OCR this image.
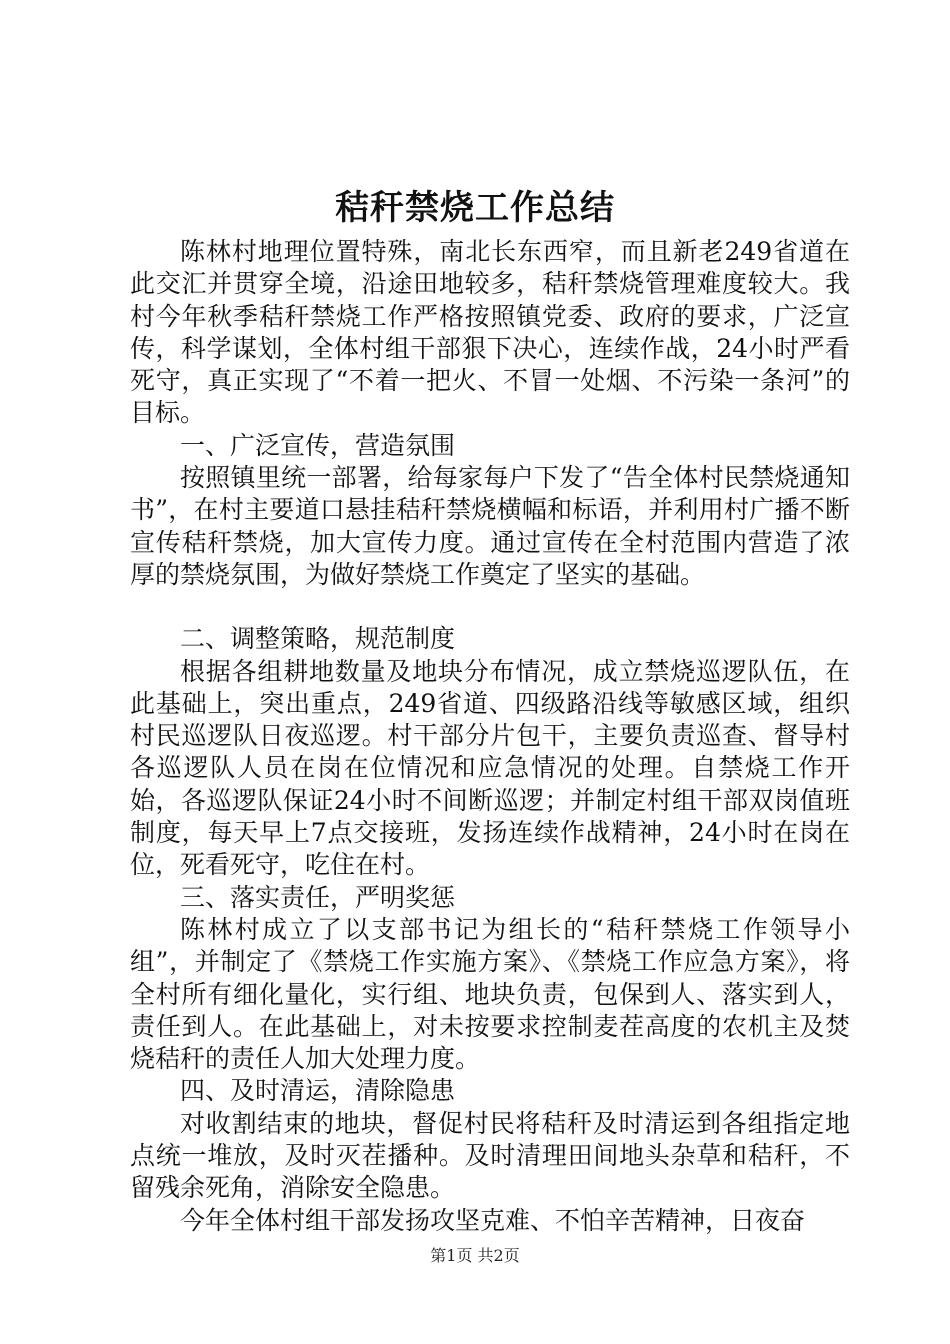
秸秆禁烧工作总结

陈林村地理位置特殊，南北长东西窄，而且新老249省道在此交汇并贯穿全境，沿途田地较多，秸秆禁烧管理难度较大。我村今年秋季秸秆禁烧工作严格按照镇党委、政府的要求，广泛宣传，科学谋划，全体村组干部狠下决心，连续作战，24小时严看死守，真正实现了“不着一把火、不冒一处烟、不污染一条河”的目标。

一、广泛宣传，营造氛围

按照镇里统一部署，给每家每户下发了“告全体村民禁烧通知书”，在村主要道口悬挂秸秆禁烧横幅和标语，并利用村广播不断宣传秸秆禁烧，加大宣传力度。通过宣传在全村范围内营造了浓厚的禁烧氛围，为做好禁烧工作奠定了坚实的基础。

二、调整策略，规范制度

根据各组耕地数量及地块分布情况，成立禁烧巡逻队伍，在此基础上，突出重点，249省道、四级路沿线等敏感区域，组织村民巡逻队日夜巡逻。村干部分片包干，主要负责巡查、督导村各巡逻队人员在岗在位情况和应急情况的处理。自禁烧工作开始，各巡逻队保证24小时不间断巡逻；并制定村组干部双岗值班制度，每天早上7点交接班，发扬连续作战精神，24小时在岗在位，死看死守，吃住在村。

三、落实责任，严明奖惩

陈林村成立了以支部书记为组长的“秸秆禁烧工作领导小组”，并制定了《禁烧工作实施方案》、《禁烧工作应急方案》，将全村所有细化量化，实行组、地块负责，包保到人、落实到人，责任到人。在此基础上，对未按要求控制麦茬高度的农机主及焚烧秸秆的责任人加大处理力度。

四、及时清运，清除隐患

对收割结束的地块，督促村民将秸秆及时清运到各组指定地点统一堆放，及时灭茬播种。及时清理田间地头杂草和秸秆，不留残余死角，消除安全隐患。

今年全体村组干部发扬攻坚克难、不怕辛苦精神，日夜奋

第1页 共2页
